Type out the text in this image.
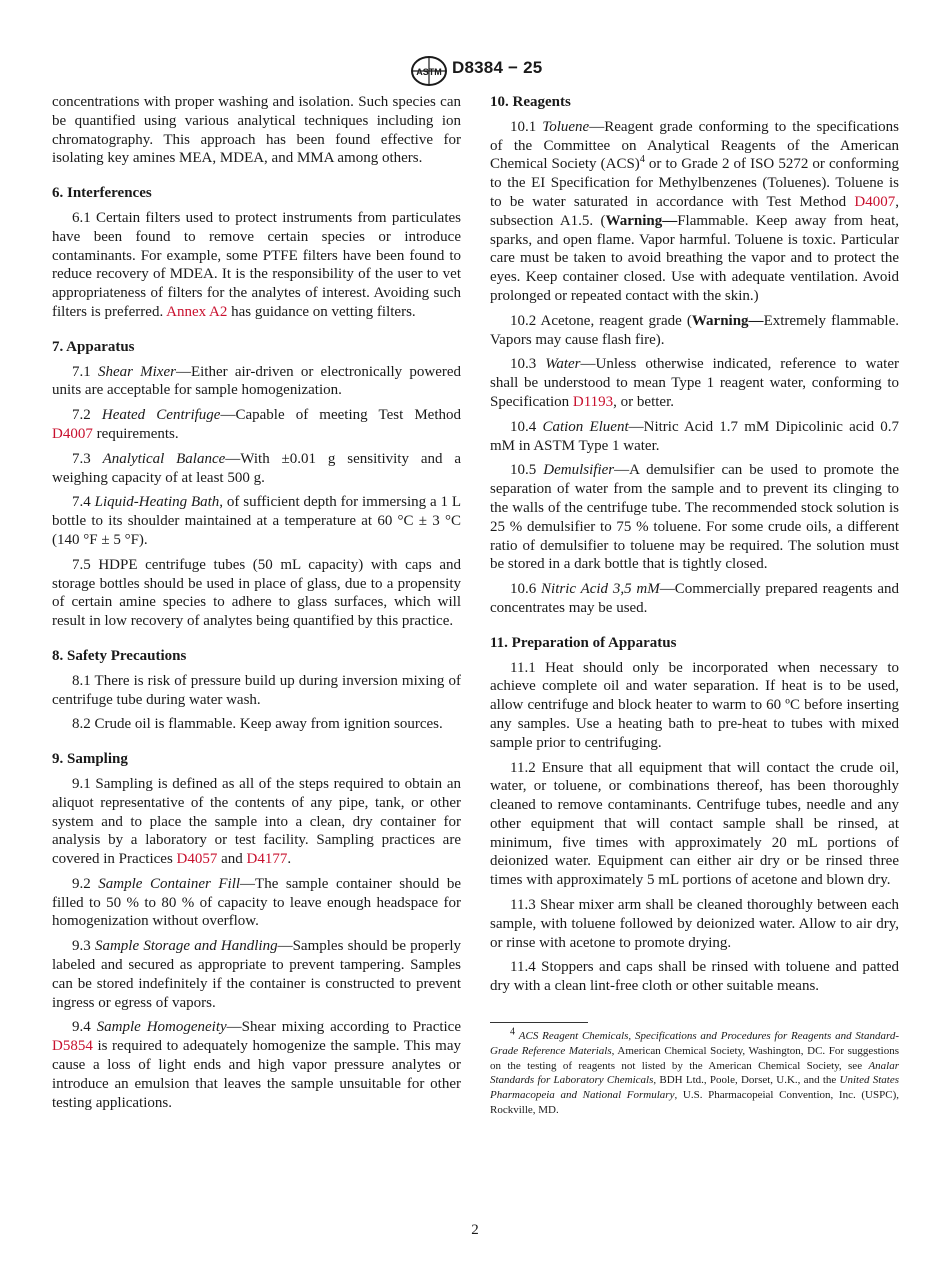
ASTM D8384 − 25

concentrations with proper washing and isolation. Such species can be quantified using various analytical techniques including ion chromatography. This approach has been found effective for isolating key amines MEA, MDEA, and MMA among others.

6. Interferences

6.1 Certain filters used to protect instruments from particulates have been found to remove certain species or introduce contaminants. For example, some PTFE filters have been found to reduce recovery of MDEA. It is the responsibility of the user to vet appropriateness of filters for the analytes of interest. Avoiding such filters is preferred. Annex A2 has guidance on vetting filters.

7. Apparatus

7.1 Shear Mixer—Either air-driven or electronically powered units are acceptable for sample homogenization.

7.2 Heated Centrifuge—Capable of meeting Test Method D4007 requirements.

7.3 Analytical Balance—With ±0.01 g sensitivity and a weighing capacity of at least 500 g.

7.4 Liquid-Heating Bath, of sufficient depth for immersing a 1 L bottle to its shoulder maintained at a temperature at 60 °C ± 3 °C (140 °F ± 5 °F).

7.5 HDPE centrifuge tubes (50 mL capacity) with caps and storage bottles should be used in place of glass, due to a propensity of certain amine species to adhere to glass surfaces, which will result in low recovery of analytes being quantified by this practice.

8. Safety Precautions

8.1 There is risk of pressure build up during inversion mixing of centrifuge tube during water wash.

8.2 Crude oil is flammable. Keep away from ignition sources.

9. Sampling

9.1 Sampling is defined as all of the steps required to obtain an aliquot representative of the contents of any pipe, tank, or other system and to place the sample into a clean, dry container for analysis by a laboratory or test facility. Sampling practices are covered in Practices D4057 and D4177.

9.2 Sample Container Fill—The sample container should be filled to 50 % to 80 % of capacity to leave enough headspace for homogenization without overflow.

9.3 Sample Storage and Handling—Samples should be properly labeled and secured as appropriate to prevent tampering. Samples can be stored indefinitely if the container is constructed to prevent ingress or egress of vapors.

9.4 Sample Homogeneity—Shear mixing according to Practice D5854 is required to adequately homogenize the sample. This may cause a loss of light ends and high vapor pressure analytes or introduce an emulsion that leaves the sample unsuitable for other testing applications.

10. Reagents

10.1 Toluene—Reagent grade conforming to the specifications of the Committee on Analytical Reagents of the American Chemical Society (ACS)$^4$ or to Grade 2 of ISO 5272 or conforming to the EI Specification for Methylbenzenes (Toluenes). Toluene is to be water saturated in accordance with Test Method D4007, subsection A1.5. (Warning—Flammable. Keep away from heat, sparks, and open flame. Vapor harmful. Toluene is toxic. Particular care must be taken to avoid breathing the vapor and to protect the eyes. Keep container closed. Use with adequate ventilation. Avoid prolonged or repeated contact with the skin.)

10.2 Acetone, reagent grade (Warning—Extremely flammable. Vapors may cause flash fire).

10.3 Water—Unless otherwise indicated, reference to water shall be understood to mean Type 1 reagent water, conforming to Specification D1193, or better.

10.4 Cation Eluent—Nitric Acid 1.7 mM Dipicolinic acid 0.7 mM in ASTM Type 1 water.

10.5 Demulsifier—A demulsifier can be used to promote the separation of water from the sample and to prevent its clinging to the walls of the centrifuge tube. The recommended stock solution is 25 % demulsifier to 75 % toluene. For some crude oils, a different ratio of demulsifier to toluene may be required. The solution must be stored in a dark bottle that is tightly closed.

10.6 Nitric Acid 3,5 mM—Commercially prepared reagents and concentrates may be used.

11. Preparation of Apparatus

11.1 Heat should only be incorporated when necessary to achieve complete oil and water separation. If heat is to be used, allow centrifuge and block heater to warm to 60 ºC before inserting any samples. Use a heating bath to pre-heat to tubes with mixed sample prior to centrifuging.

11.2 Ensure that all equipment that will contact the crude oil, water, or toluene, or combinations thereof, has been thoroughly cleaned to remove contaminants. Centrifuge tubes, needle and any other equipment that will contact sample shall be rinsed, at minimum, five times with approximately 20 mL portions of deionized water. Equipment can either air dry or be rinsed three times with approximately 5 mL portions of acetone and blown dry.

11.3 Shear mixer arm shall be cleaned thoroughly between each sample, with toluene followed by deionized water. Allow to air dry, or rinse with acetone to promote drying.

11.4 Stoppers and caps shall be rinsed with toluene and patted dry with a clean lint-free cloth or other suitable means.

$^4$ ACS Reagent Chemicals, Specifications and Procedures for Reagents and Standard-Grade Reference Materials, American Chemical Society, Washington, DC. For suggestions on the testing of reagents not listed by the American Chemical Society, see Analar Standards for Laboratory Chemicals, BDH Ltd., Poole, Dorset, U.K., and the United States Pharmacopeia and National Formulary, U.S. Pharmacopeial Convention, Inc. (USPC), Rockville, MD.
2
